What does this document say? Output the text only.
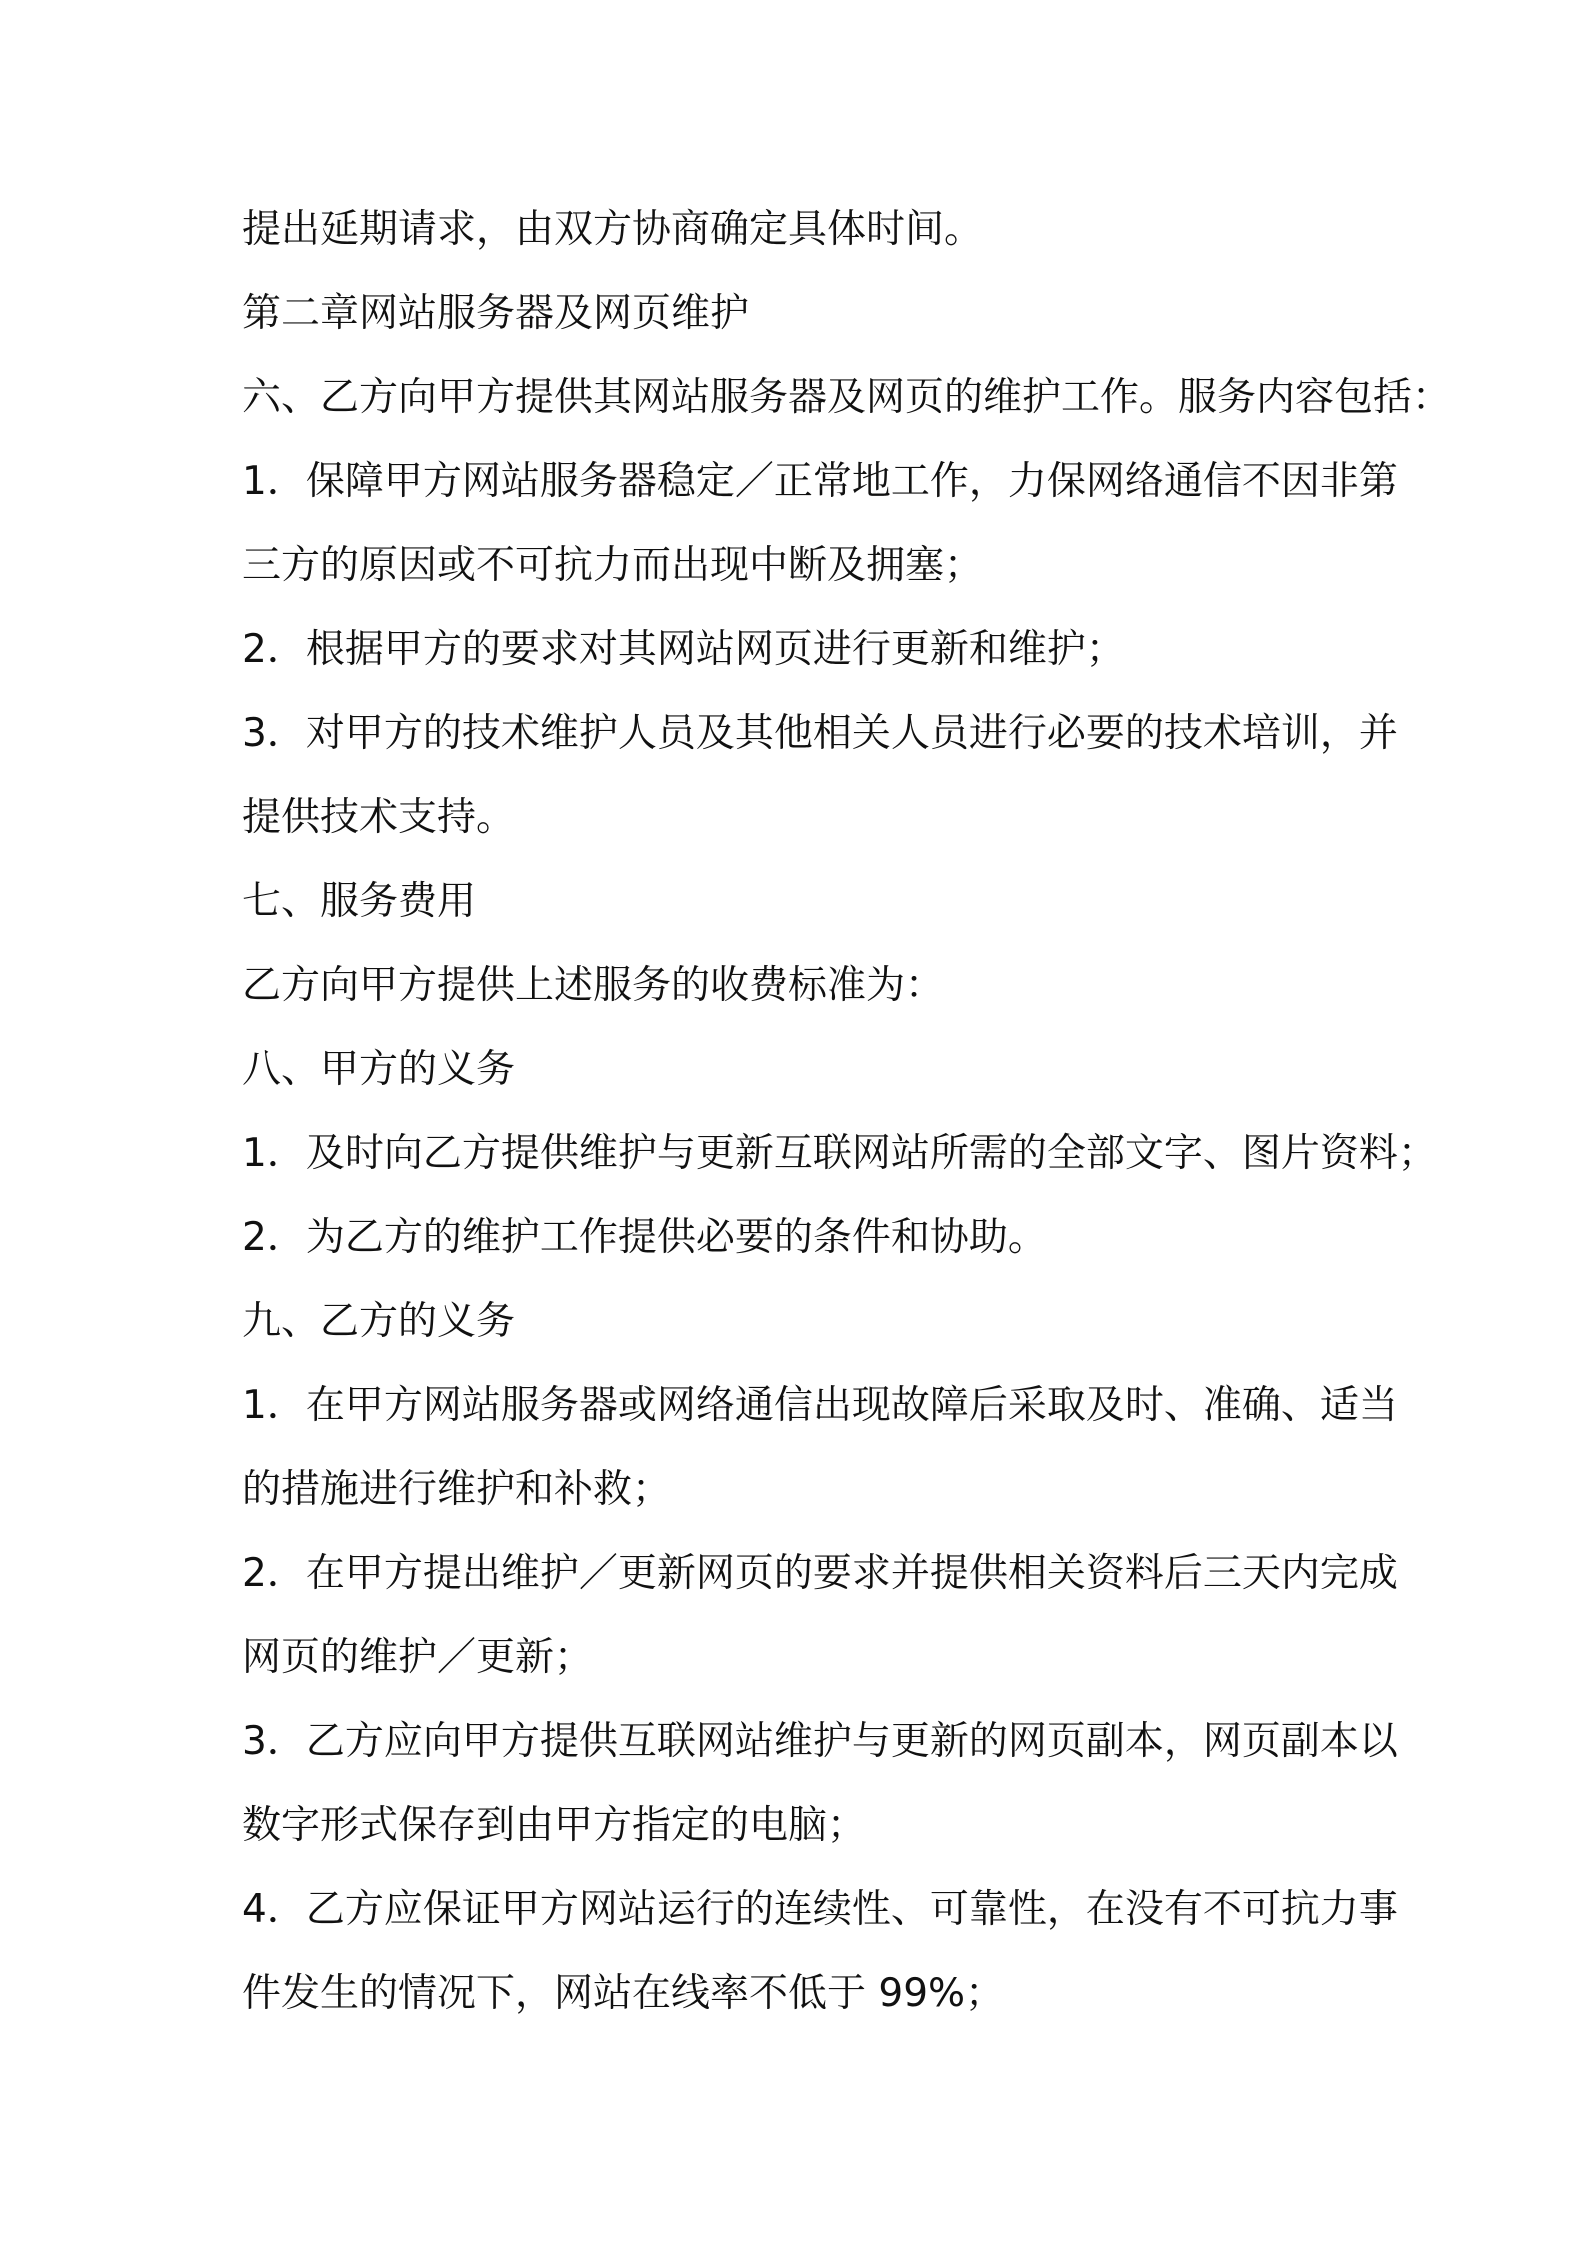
提出延期请求，由双方协商确定具体时间。
第二章网站服务器及网页维护
六、乙方向甲方提供其网站服务器及网页的维护工作。服务内容包括：
1．保障甲方网站服务器稳定／正常地工作，力保网络通信不因非第
三方的原因或不可抗力而出现中断及拥塞；
2．根据甲方的要求对其网站网页进行更新和维护；
3．对甲方的技术维护人员及其他相关人员进行必要的技术培训，并
提供技术支持。
七、服务费用
乙方向甲方提供上述服务的收费标准为：
八、甲方的义务
1．及时向乙方提供维护与更新互联网站所需的全部文字、图片资料；
2．为乙方的维护工作提供必要的条件和协助。
九、乙方的义务
1．在甲方网站服务器或网络通信出现故障后采取及时、准确、适当
的措施进行维护和补救；
2．在甲方提出维护／更新网页的要求并提供相关资料后三天内完成
网页的维护／更新；
3．乙方应向甲方提供互联网站维护与更新的网页副本，网页副本以
数字形式保存到由甲方指定的电脑；
4．乙方应保证甲方网站运行的连续性、可靠性，在没有不可抗力事
件发生的情况下，网站在线率不低于 99%；
